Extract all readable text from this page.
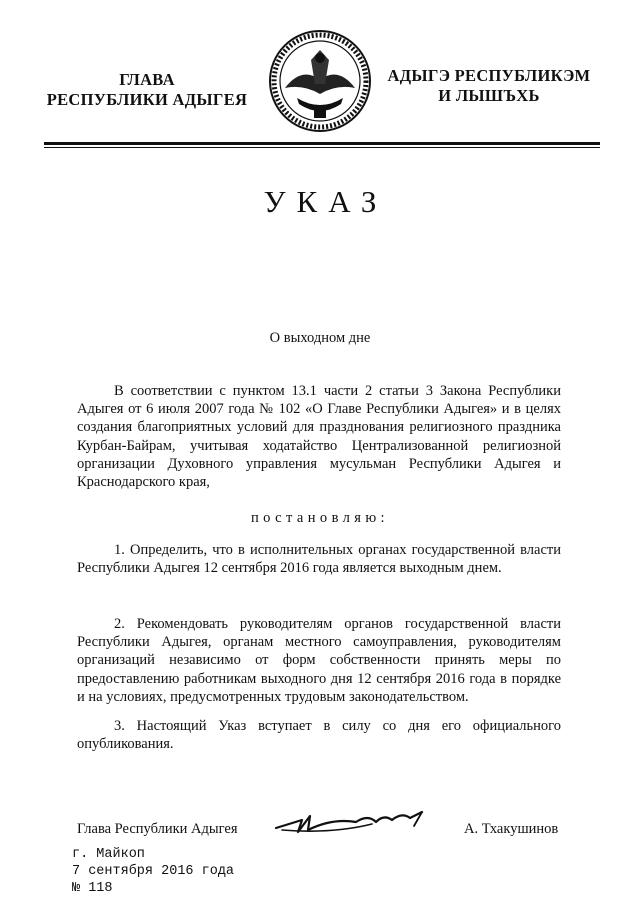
ГЛАВА
РЕСПУБЛИКИ АДЫГЕЯ
АДЫГЭ РЕСПУБЛИКЭМ
И ЛЫШЪХЬ
УКАЗ
О выходном дне

В соответствии с пунктом 13.1 части 2 статьи 3 Закона Республики Адыгея от 6 июля 2007 года № 102 «О Главе Республики Адыгея» и в целях создания благоприятных условий для празднования религиозного праздника Курбан-Байрам, учитывая ходатайство Централизованной религиозной организации Духовного управления мусульман Республики Адыгея и Краснодарского края,

постановляю:

1. Определить, что в исполнительных органах государственной власти Республики Адыгея 12 сентября 2016 года является выходным днем.

2. Рекомендовать руководителям органов государственной власти Республики Адыгея, органам местного самоуправления, руководителям организаций независимо от форм собственности принять меры по предоставлению работникам выходного дня 12 сентября 2016 года в порядке и на условиях, предусмотренных трудовым законодательством.

3. Настоящий Указ вступает в силу со дня его официального опубликования.

Глава Республики Адыгея	А. Тхакушинов
г. Майкоп
7 сентября 2016 года
№ 118
